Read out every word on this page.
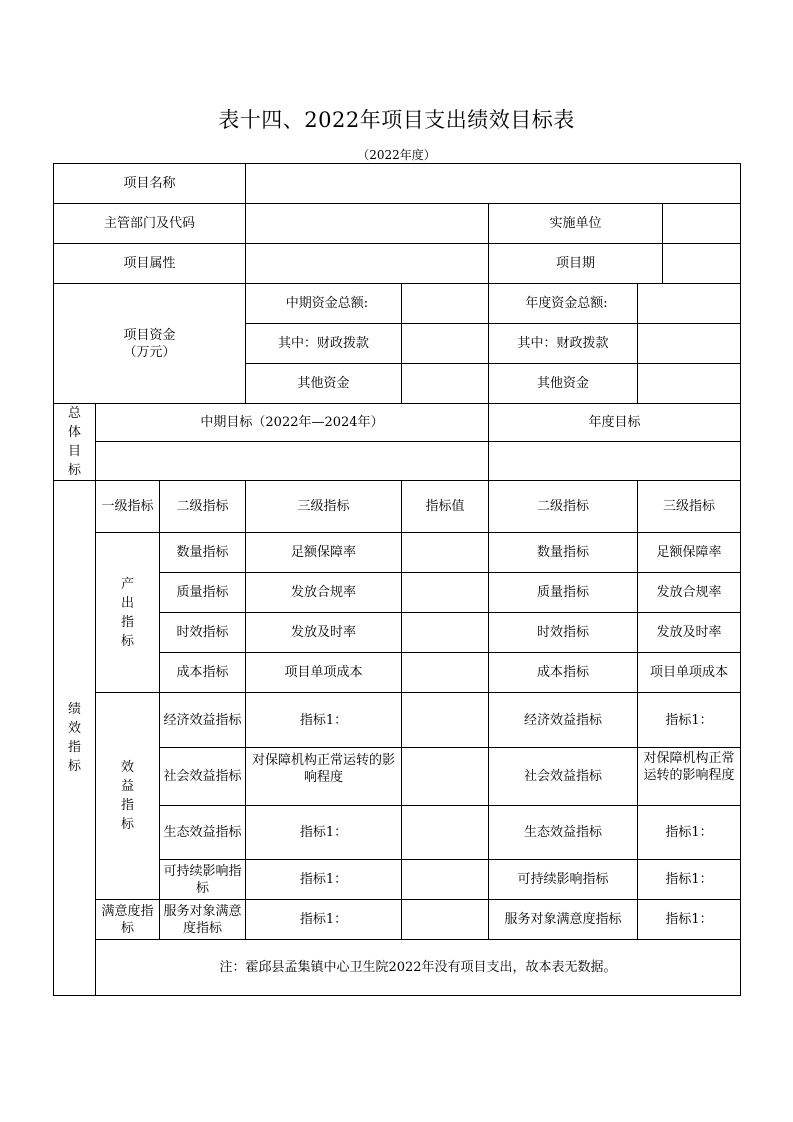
表十四、2022年项目支出绩效目标表
（2022年度）
项目名称								
主管部门及代码					实施单位			
项目属性					项目期			

项目资金
（万元）			中期资金总额:		年度资金总额:			
			其中：财政拨款		其中：财政拨款			
			其他资金		其他资金			
总体目标	中期目标（2022年—2024年）				年度目标			

绩效指标	一级指标	二级指标	三级指标	指标值	二级指标	三级指标	
	产出指标	数量指标	足额保障率		数量指标	足额保障率		
		质量指标	发放合规率		质量指标	发放合规率		
		时效指标	发放及时率		时效指标	发放及时率		
		成本指标	项目单项成本		成本指标	项目单项成本		
	效益指标	经济效益指标	指标1：		经济效益指标	指标1：		
		社会效益指标	对保障机构正常运转的影响程度		社会效益指标	对保障机构正常运转的影响程度		
		生态效益指标	指标1：		生态效益指标	指标1：		
		可持续影响指标	指标1：		可持续影响指标	指标1：		
	满意度指标	服务对象满意度指标	指标1：		服务对象满意度指标	指标1：		
	注：霍邱县孟集镇中心卫生院2022年没有项目支出，故本表无数据。							
